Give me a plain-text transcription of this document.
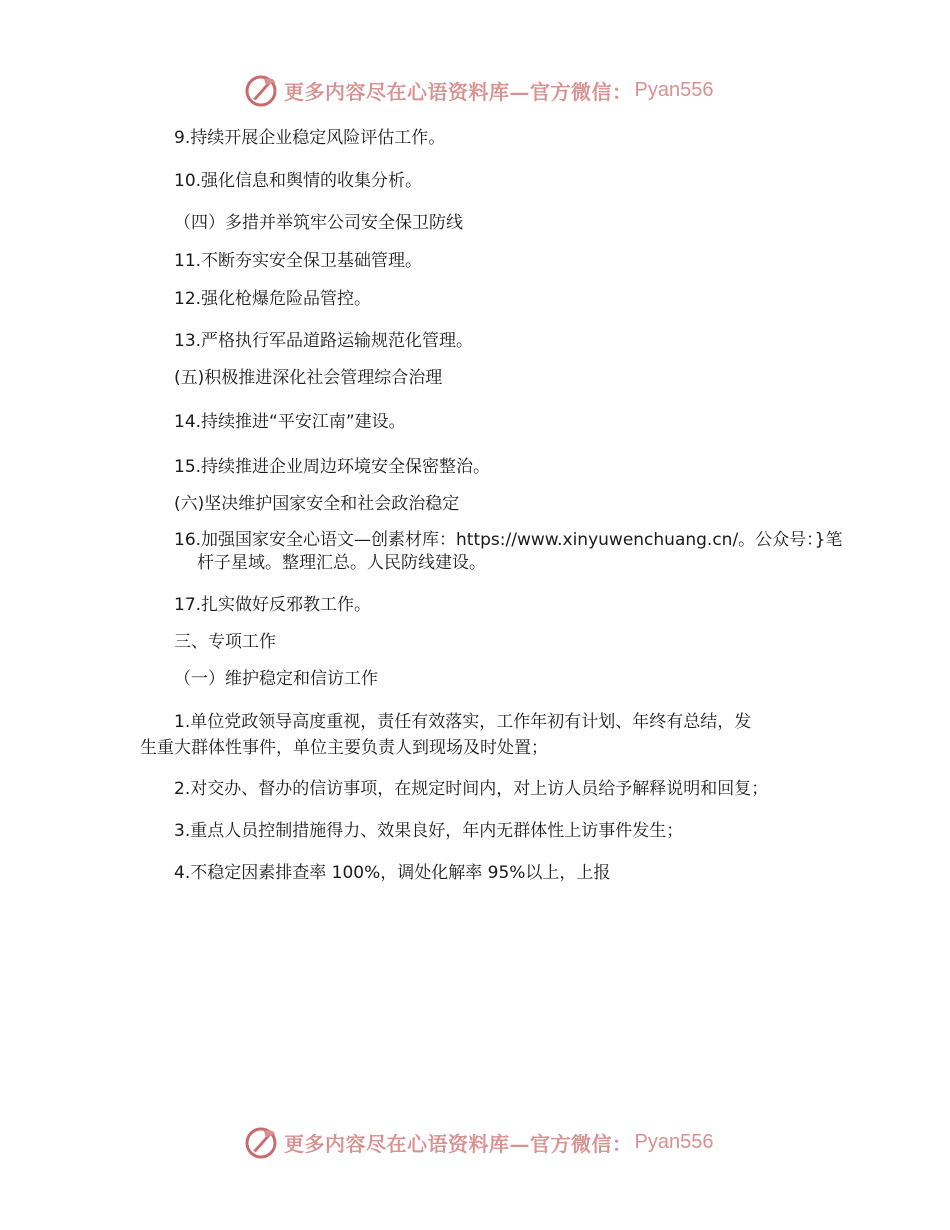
更多内容尽在心语资料库—官方微信： Pyan556
9.持续开展企业稳定风险评估工作。
10.强化信息和舆情的收集分析。
（四）多措并举筑牢公司安全保卫防线
11.不断夯实安全保卫基础管理。
12.强化枪爆危险品管控。
13.严格执行军品道路运输规范化管理。
(五)积极推进深化社会管理综合治理
14.持续推进“平安江南”建设。
15.持续推进企业周边环境安全保密整治。
(六)坚决维护国家安全和社会政治稳定
16.加强国家安全心语文—创素材库：https://www.xinyuwenchuang.cn/。公众号：}笔
杆子星域。整理汇总。人民防线建设。
17.扎实做好反邪教工作。
三、专项工作
（一）维护稳定和信访工作
1.单位党政领导高度重视，责任有效落实，工作年初有计划、年终有总结，发
生重大群体性事件，单位主要负责人到现场及时处置；
2.对交办、督办的信访事项，在规定时间内，对上访人员给予解释说明和回复；
3.重点人员控制措施得力、效果良好，年内无群体性上访事件发生；
4.不稳定因素排查率 100%，调处化解率 95%以上，上报
更多内容尽在心语资料库—官方微信： Pyan556
